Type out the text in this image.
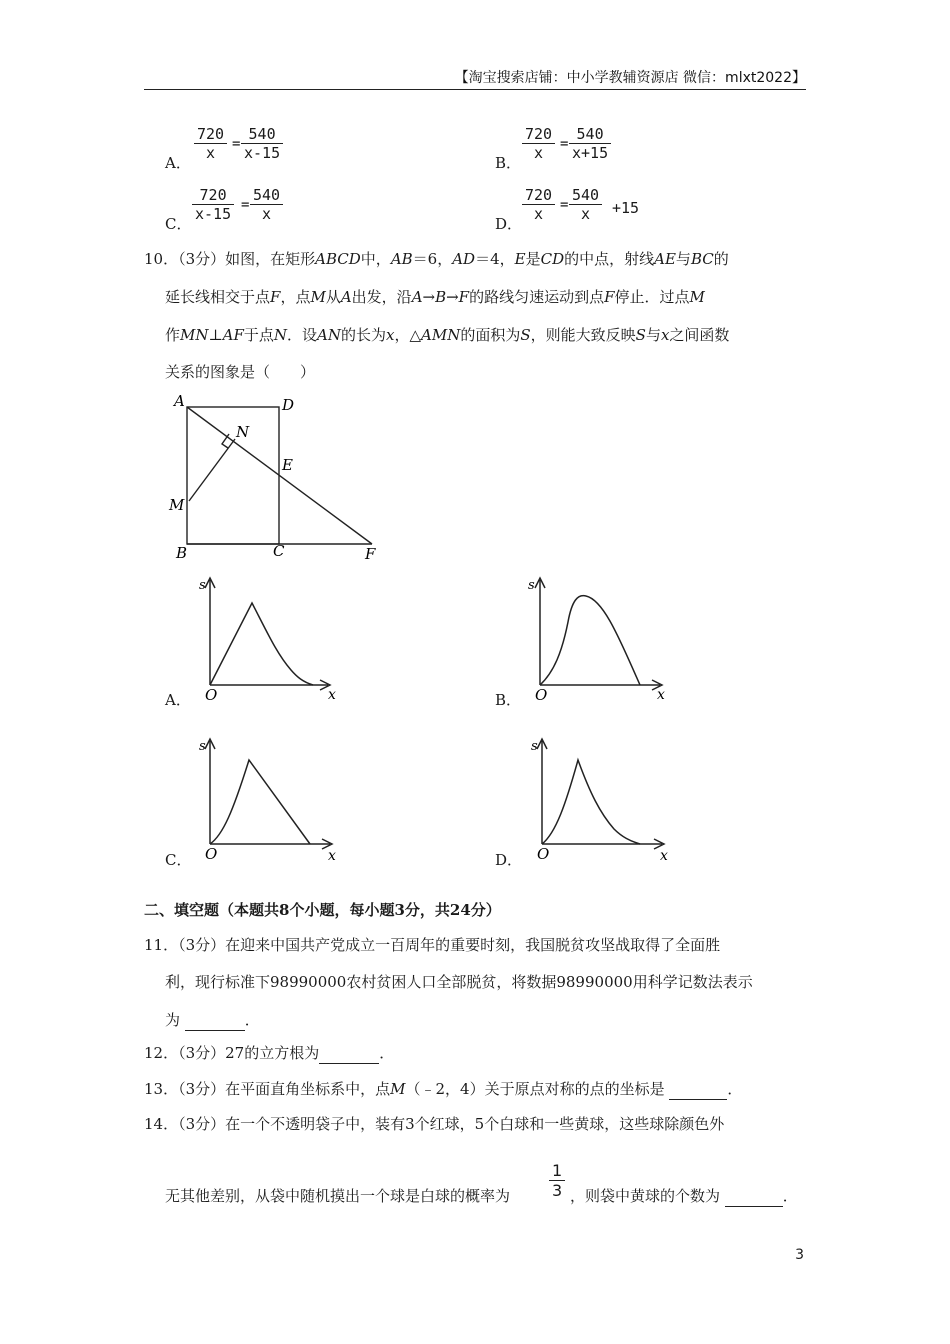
【淘宝搜索店铺：中小学教辅资源店 微信：mlxt2022】
A．
720
x	=
540
x-15
B．
720
x	=
540
x+15
C．
720
x-15 =
540
x
D．
720
x	=
540
x	+15
10．（3分）如图，在矩形ABCD中，AB＝6，AD＝4，E是CD的中点，射线AE与BC的
延长线相交于点F，点M从A出发，沿A→B→F的路线匀速运动到点F停止．过点M
作MN⊥AF于点N．设AN的长为x，△AMN的面积为S，则能大致反映S与x之间函数
关系的图象是（　　）
A	D
N
E
M
B	C	F
A．
s
x
O	B．
s
x
O
C．
s
x
O	D．
s
x
O
二、填空题（本题共8个小题，每小题3分，共24分）
11．（3分）在迎来中国共产党成立一百周年的重要时刻，我国脱贫攻坚战取得了全面胜
利，现行标准下98990000农村贫困人口全部脱贫，将数据98990000用科学记数法表示
为	．
12．（3分）27的立方根为	．
13．（3分）在平面直角坐标系中，点M（﹣2，4）关于原点对称的点的坐标是	．
14．（3分）在一个不透明袋子中，装有3个红球，5个白球和一些黄球，这些球除颜色外
无其他差别，从袋中随机摸出一个球是白球的概率为
1
3 ，则袋中黄球的个数为	．
3
